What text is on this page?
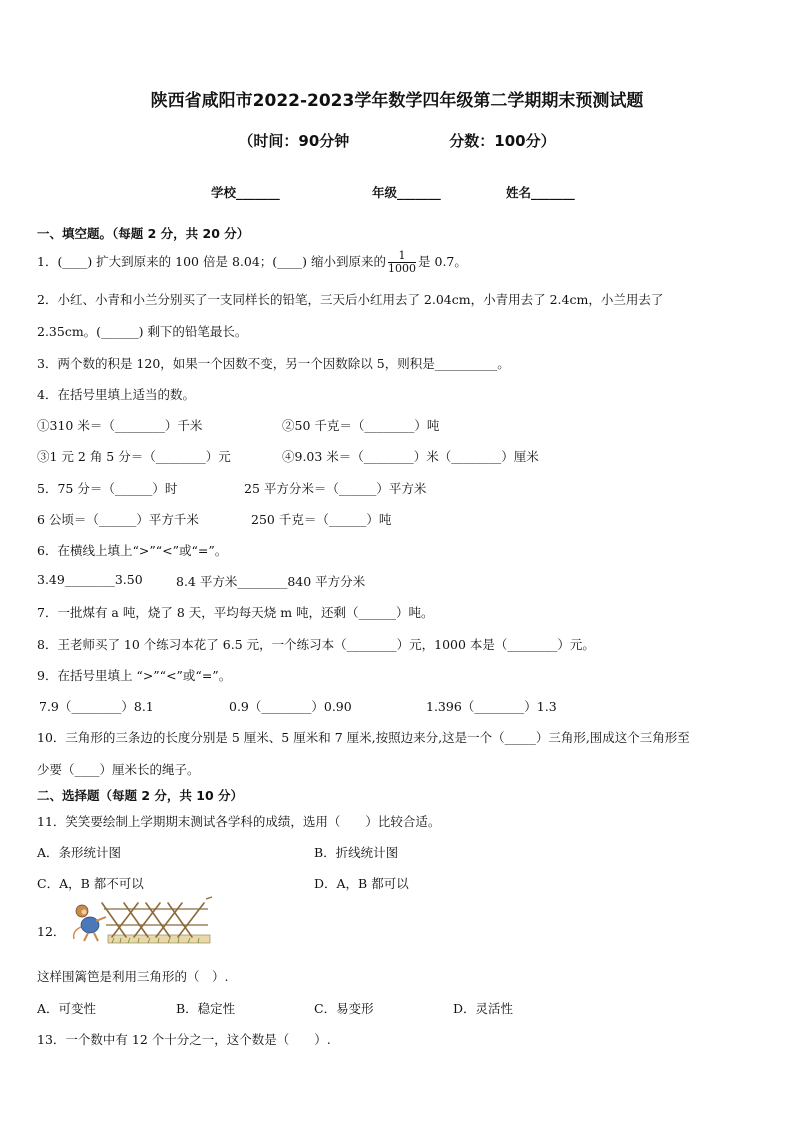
陕西省咸阳市2022-2023学年数学四年级第二学期期末预测试题
（时间：90分钟	分数：100分）
学校_______	年级_______	姓名_______
一、填空题。（每题 2 分，共 20 分）
1．(____) 扩大到原来的 100 倍是 8.04；(____) 缩小到原来的 $\frac{1}{1000}$ 是 0.7。
2．小红、小青和小兰分别买了一支同样长的铅笔，三天后小红用去了 2.04cm，小青用去了 2.4cm，小兰用去了
2.35cm。(______) 剩下的铅笔最长。
3．两个数的积是 120，如果一个因数不变，另一个因数除以 5，则积是__________。
4．在括号里填上适当的数。
①310 米＝（________）千米	②50 千克＝（________）吨
③1 元 2 角 5 分＝（________）元	④9.03 米＝（________）米（________）厘米
5．75 分＝（______）时	25 平方分米＝（______）平方米
6 公顷＝（______）平方千米	250 千克＝（______）吨
6．在横线上填上“>”“<”或“=”。
3.49________3.50	8.4 平方米________840 平方分米
7．一批煤有 a 吨，烧了 8 天，平均每天烧 m 吨，还剩（______）吨。
8．王老师买了 10 个练习本花了 6.5 元，一个练习本（________）元，1000 本是（________）元。
9．在括号里填上 “>”“<”或“=”。
7.9（________）8.1	0.9（________）0.90	1.396（________）1.3
10．三角形的三条边的长度分别是 5 厘米、5 厘米和 7 厘米,按照边来分,这是一个（_____）三角形,围成这个三角形至
少要（____）厘米长的绳子。
二、选择题（每题 2 分，共 10 分）
11．笑笑要绘制上学期期末测试各学科的成绩，选用（　　）比较合适。
A．条形统计图	B．折线统计图
C．A，B 都不可以	D．A，B 都可以
12．
这样围篱笆是利用三角形的（　）.
A．可变性	B．稳定性	C．易变形	D．灵活性
13．一个数中有 12 个十分之一，这个数是（　　）.
